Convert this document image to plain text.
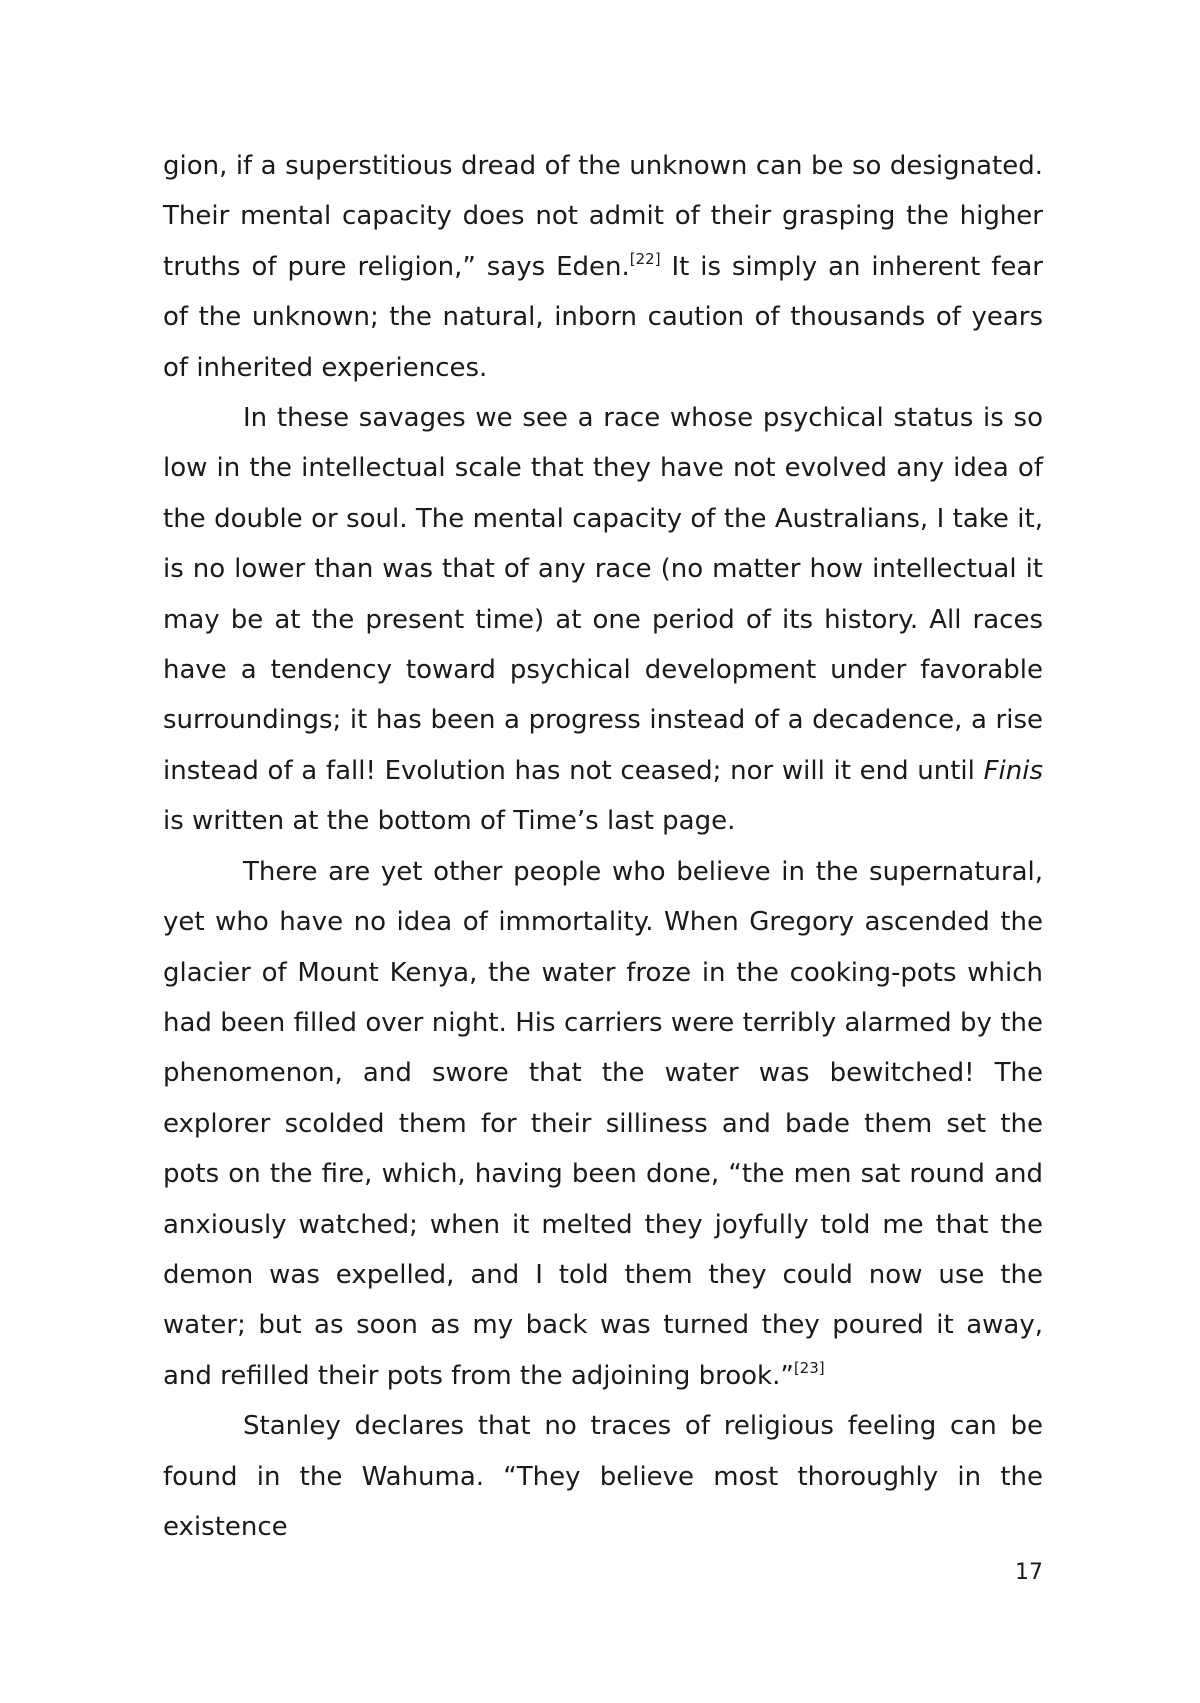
gion, if a superstitious dread of the unknown can be so designated. Their mental capacity does not admit of their grasping the higher truths of pure religion,” says Eden.[22] It is simply an inherent fear of the unknown; the natural, inborn caution of thousands of years of inherited experiences.

In these savages we see a race whose psychical status is so low in the intellectual scale that they have not evolved any idea of the double or soul. The mental capacity of the Australians, I take it, is no lower than was that of any race (no matter how intellectual it may be at the present time) at one period of its history. All races have a tendency toward psychical development under favorable surroundings; it has been a progress instead of a decadence, a rise instead of a fall! Evolution has not ceased; nor will it end until Finis is written at the bottom of Time’s last page.

There are yet other people who believe in the supernatural, yet who have no idea of immortality. When Gregory ascended the glacier of Mount Kenya, the water froze in the cooking-pots which had been filled over night. His carriers were terribly alarmed by the phenomenon, and swore that the water was bewitched! The explorer scolded them for their silliness and bade them set the pots on the fire, which, having been done, “the men sat round and anxiously watched; when it melted they joyfully told me that the demon was expelled, and I told them they could now use the water; but as soon as my back was turned they poured it away, and refilled their pots from the adjoining brook.”[23]

Stanley declares that no traces of religious feeling can be found in the Wahuma. “They believe most thoroughly in the existence

17
